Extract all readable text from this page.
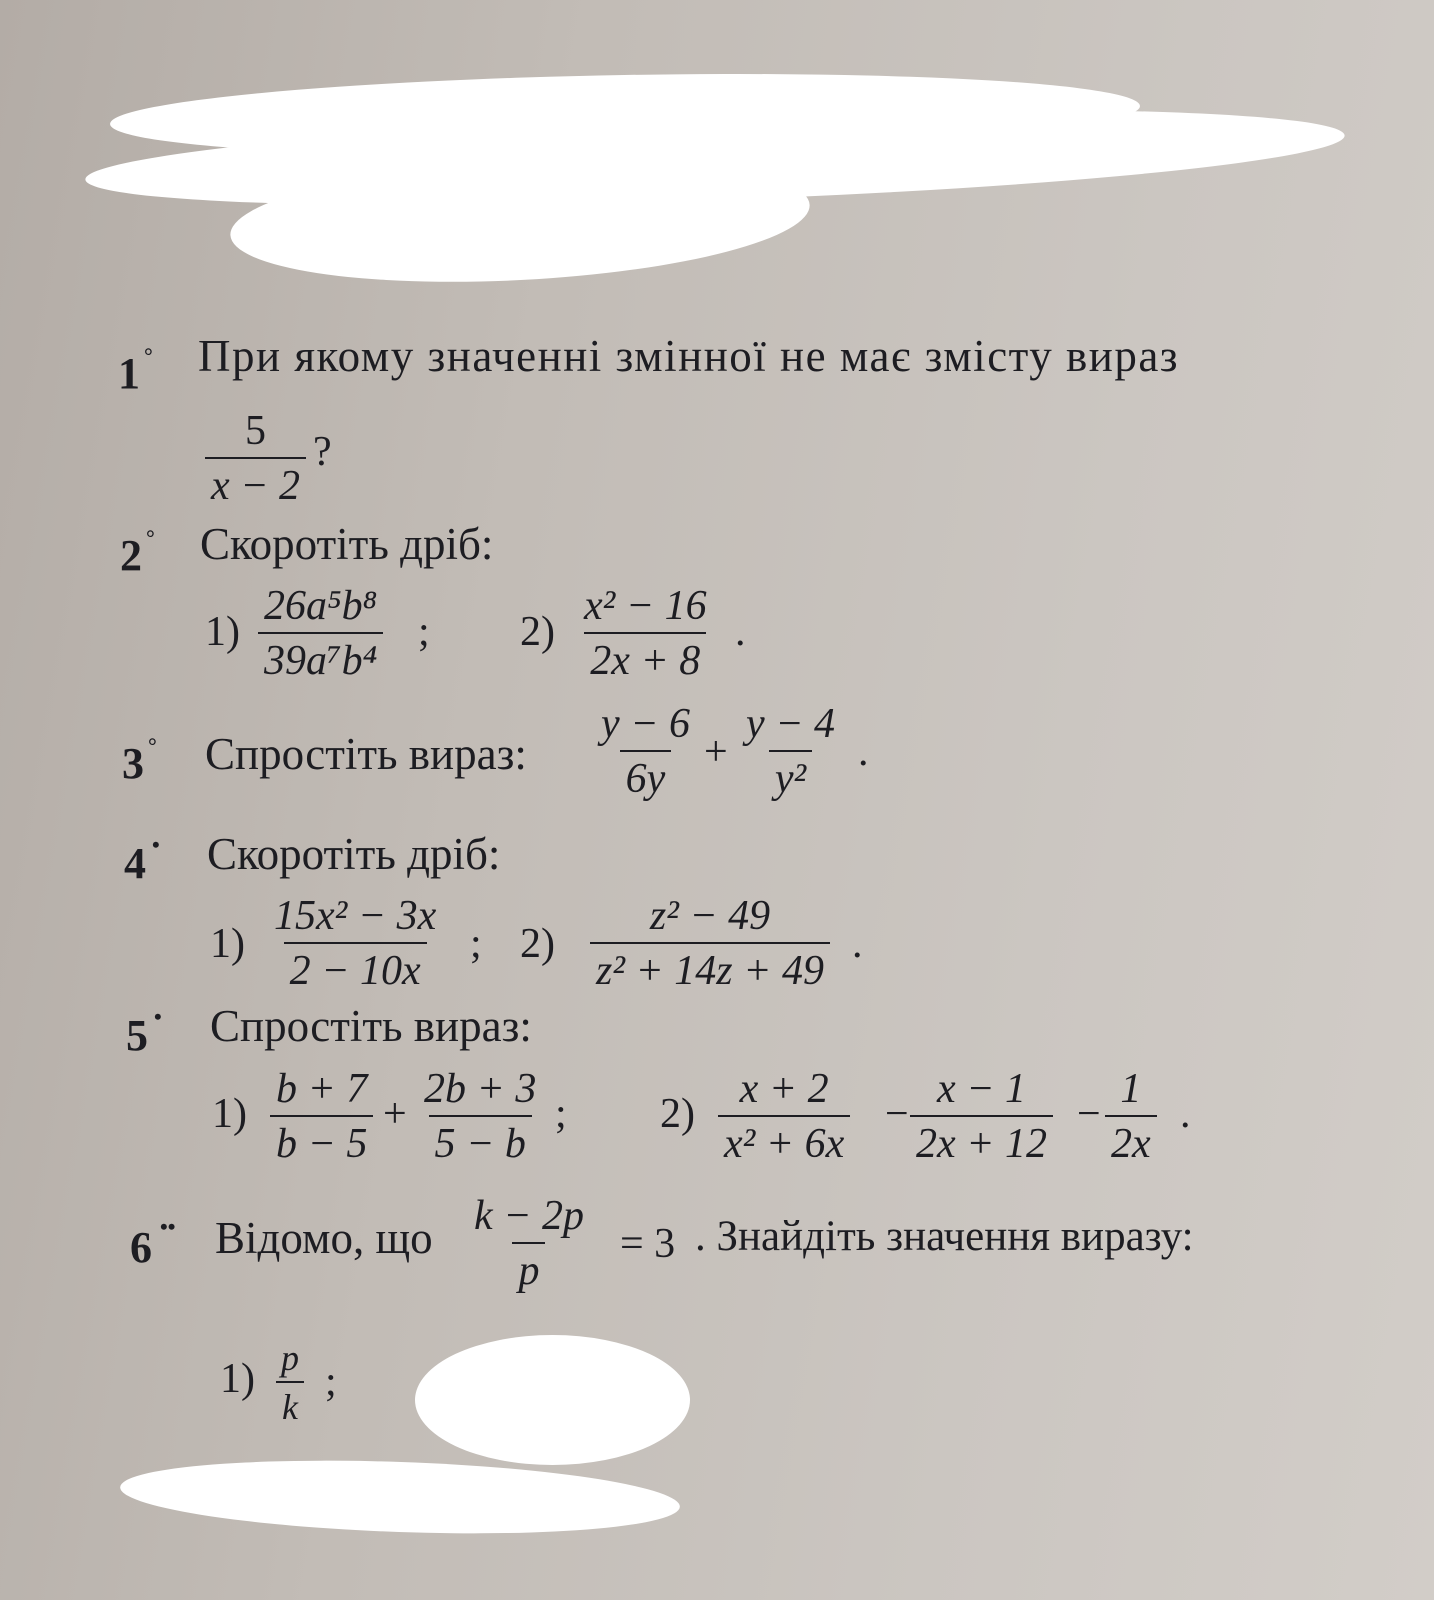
1 ° При якому значенні змінної не має змісту вираз
$\frac{5}{x - 2}$ ?
2 ° Скоротіть дріб:
$1) \frac{\text{26a⁵b⁸}}{\text{39a⁷b⁴}}$ ; $2) \frac{\text{x² − 16}}{2x + 8}$ .
3 ° Спростіть вираз: $\frac{y - 6}{6y} + \frac{y - 4}{\text{y²}}$ .
4 • Скоротіть дріб:
$1) \frac{\text{15x² − 3x}}{2 - 10x}$ ; $2) \frac{\text{z² − 49}}{\text{z² + 14z + 49}}$ .
5 • Спростіть вираз:
$1) \frac{b + 7}{b - 5} + \frac{2b + 3}{5 - b}$ ; $2) \frac{x + 2}{\text{x² + 6x}} - \frac{x - 1}{2x + 12} - \frac{1}{2x}$ .
6 •• Відомо, що $\frac{k - 2p}{p} = 3$ . Знайдіть значення виразу:
$1) \frac{p}{k}$ ;
